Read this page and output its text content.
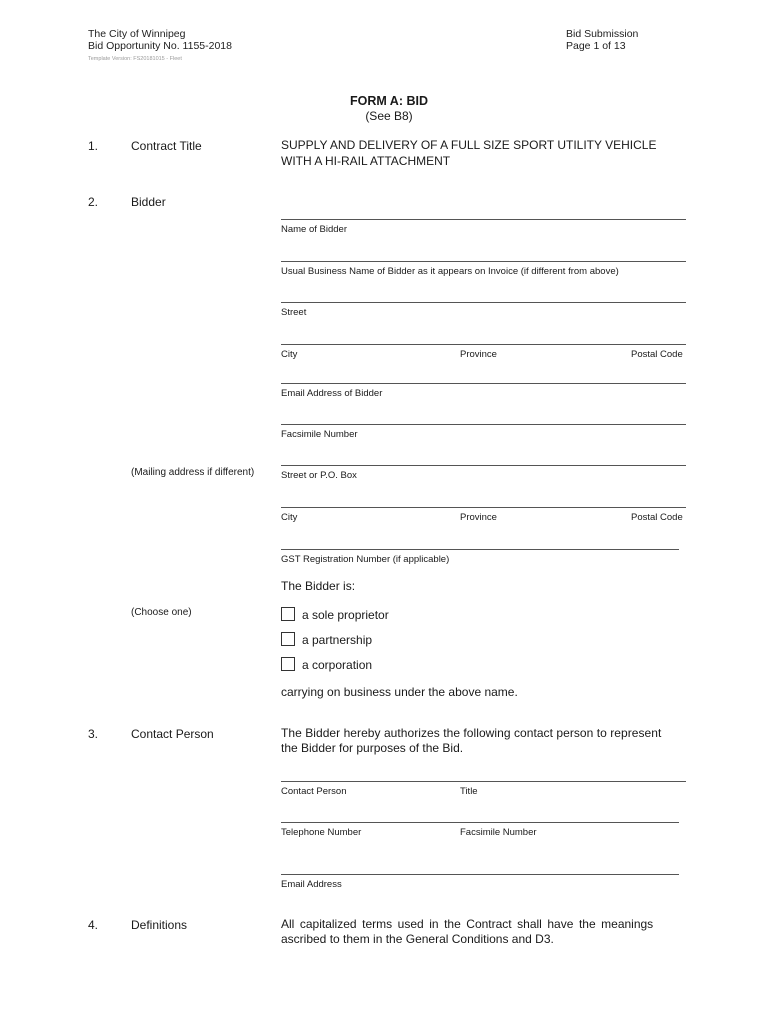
The City of Winnipeg
Bid Opportunity No. 1155-2018
Template Version: FS20181015 - Fleet
Bid Submission
Page 1 of 13
FORM A: BID
(See B8)
1.	Contract Title	SUPPLY AND DELIVERY OF A FULL SIZE SPORT UTILITY VEHICLE
WITH A HI-RAIL ATTACHMENT
2.	Bidder
Name of Bidder
Usual Business Name of Bidder as it appears on Invoice (if different from above)
Street
City	Province	Postal Code
Email Address of Bidder
Facsimile Number
(Mailing address if different)	Street or P.O. Box
City	Province	Postal Code
GST Registration Number (if applicable)
The Bidder is:
(Choose one)	a sole proprietor
a partnership
a corporation
carrying on business under the above name.
3.	Contact Person	The Bidder hereby authorizes the following contact person to represent
the Bidder for purposes of the Bid.
Contact Person	Title
Telephone Number	Facsimile Number
Email Address
4.	Definitions	All capitalized terms used in the Contract shall have the meanings
ascribed to them in the General Conditions and D3.
